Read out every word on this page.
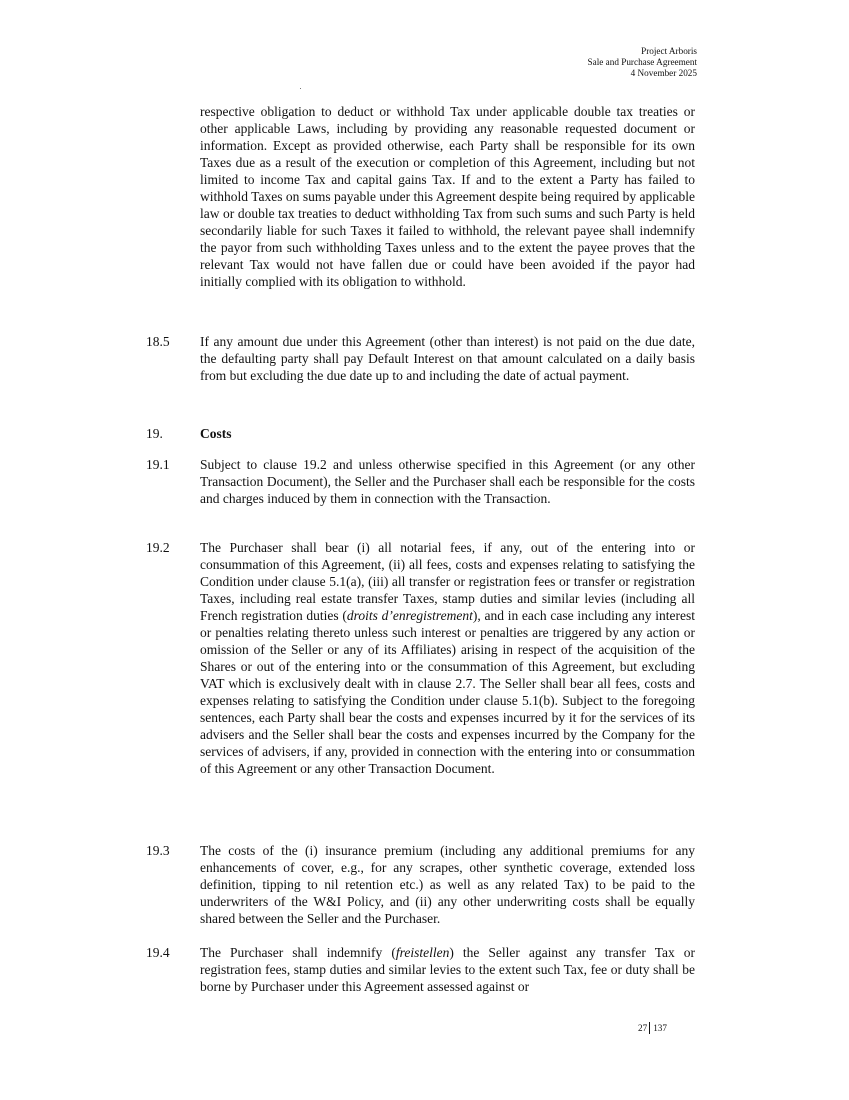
Project Arboris
Sale and Purchase Agreement
4 November 2025

respective obligation to deduct or withhold Tax under applicable double tax treaties or other applicable Laws, including by providing any reasonable requested document or information. Except as provided otherwise, each Party shall be responsible for its own Taxes due as a result of the execution or completion of this Agreement, including but not limited to income Tax and capital gains Tax. If and to the extent a Party has failed to withhold Taxes on sums payable under this Agreement despite being required by applicable law or double tax treaties to deduct withholding Tax from such sums and such Party is held secondarily liable for such Taxes it failed to withhold, the relevant payee shall indemnify the payor from such withholding Taxes unless and to the extent the payee proves that the relevant Tax would not have fallen due or could have been avoided if the payor had initially complied with its obligation to withhold.

18.5 If any amount due under this Agreement (other than interest) is not paid on the due date, the defaulting party shall pay Default Interest on that amount calculated on a daily basis from but excluding the due date up to and including the date of actual payment.

19.	Costs
19.1 Subject to clause 19.2 and unless otherwise specified in this Agreement (or any other Transaction Document), the Seller and the Purchaser shall each be responsible for the costs and charges induced by them in connection with the Transaction.

19.2 The Purchaser shall bear (i) all notarial fees, if any, out of the entering into or consummation of this Agreement, (ii) all fees, costs and expenses relating to satisfying the Condition under clause 5.1(a), (iii) all transfer or registration fees or transfer or registration Taxes, including real estate transfer Taxes, stamp duties and similar levies (including all French registration duties (droits d’enregistrement), and in each case including any interest or penalties relating thereto unless such interest or penalties are triggered by any action or omission of the Seller or any of its Affiliates) arising in respect of the acquisition of the Shares or out of the entering into or the consummation of this Agreement, but excluding VAT which is exclusively dealt with in clause 2.7. The Seller shall bear all fees, costs and expenses relating to satisfying the Condition under clause 5.1(b). Subject to the foregoing sentences, each Party shall bear the costs and expenses incurred by it for the services of its advisers and the Seller shall bear the costs and expenses incurred by the Company for the services of advisers, if any, provided in connection with the entering into or consummation of this Agreement or any other Transaction Document.

19.3 The costs of the (i) insurance premium (including any additional premiums for any enhancements of cover, e.g., for any scrapes, other synthetic coverage, extended loss definition, tipping to nil retention etc.) as well as any related Tax) to be paid to the underwriters of the W&I Policy, and (ii) any other underwriting costs shall be equally shared between the Seller and the Purchaser.

19.4 The Purchaser shall indemnify (freistellen) the Seller against any transfer Tax or registration fees, stamp duties and similar levies to the extent such Tax, fee or duty shall be borne by Purchaser under this Agreement assessed against or

27 137
